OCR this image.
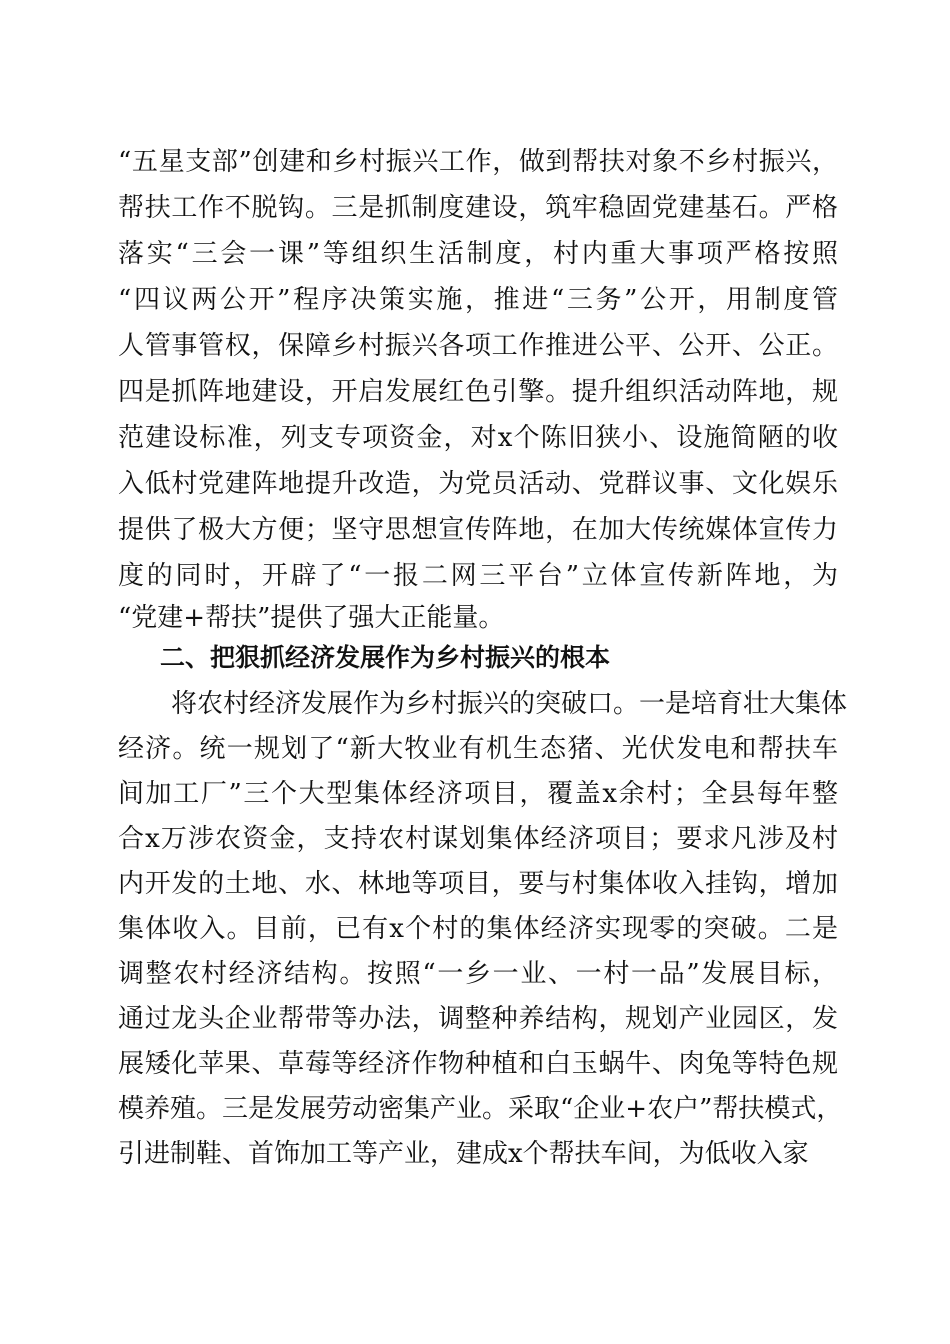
“五星支部”创建和乡村振兴工作，做到帮扶对象不乡村振兴，
帮扶工作不脱钩。三是抓制度建设，筑牢稳固党建基石。严格
落实“三会一课”等组织生活制度，村内重大事项严格按照
“四议两公开”程序决策实施，推进“三务”公开，用制度管
人管事管权，保障乡村振兴各项工作推进公平、公开、公正。
四是抓阵地建设，开启发展红色引擎。提升组织活动阵地，规
范建设标准，列支专项资金，对x个陈旧狭小、设施简陋的收
入低村党建阵地提升改造，为党员活动、党群议事、文化娱乐
提供了极大方便；坚守思想宣传阵地，在加大传统媒体宣传力
度的同时，开辟了“一报二网三平台”立体宣传新阵地，为
“党建+帮扶”提供了强大正能量。
二、把狠抓经济发展作为乡村振兴的根本
将农村经济发展作为乡村振兴的突破口。一是培育壮大集体
经济。统一规划了“新大牧业有机生态猪、光伏发电和帮扶车
间加工厂”三个大型集体经济项目，覆盖x余村；全县每年整
合x万涉农资金，支持农村谋划集体经济项目；要求凡涉及村
内开发的土地、水、林地等项目，要与村集体收入挂钩，增加
集体收入。目前，已有x个村的集体经济实现零的突破。二是
调整农村经济结构。按照“一乡一业、一村一品”发展目标，
通过龙头企业帮带等办法，调整种养结构，规划产业园区，发
展矮化苹果、草莓等经济作物种植和白玉蜗牛、肉兔等特色规
模养殖。三是发展劳动密集产业。采取“企业+农户”帮扶模式，
引进制鞋、首饰加工等产业，建成x个帮扶车间，为低收入家
